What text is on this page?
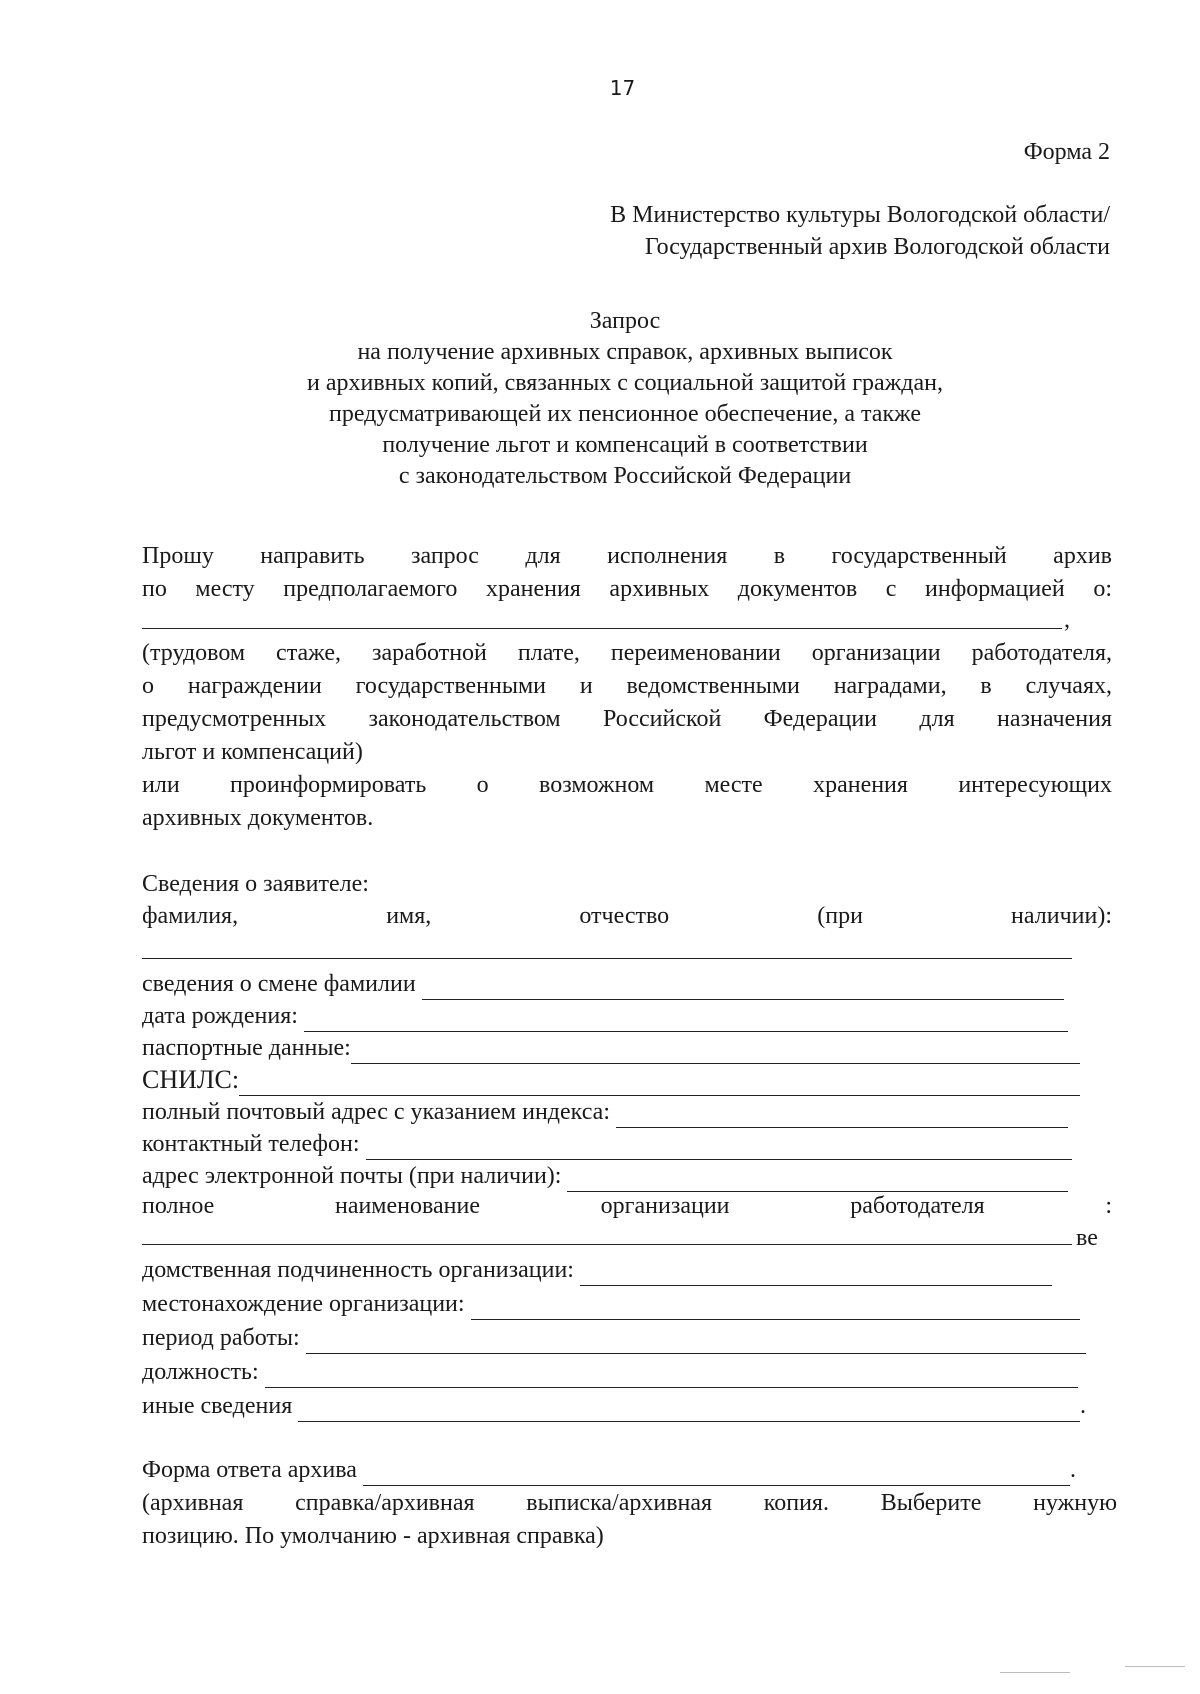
17
Форма 2
В Министерство культуры Вологодской области/
Государственный архив Вологодской области
Запрос
на получение архивных справок, архивных выписок
и архивных копий, связанных с социальной защитой граждан,
предусматривающей их пенсионное обеспечение, а также
получение льгот и компенсаций в соответствии
с законодательством Российской Федерации
Прошу направить запрос для исполнения в государственный архив
по месту предполагаемого хранения архивных документов с информацией о:
,
(трудовом стаже, заработной плате, переименовании организации работодателя,
о награждении государственными и ведомственными наградами, в случаях,
предусмотренных законодательством Российской Федерации для назначения
льгот и компенсаций)
или проинформировать о возможном месте хранения интересующих
архивных документов.
Сведения о заявителе:
фамилия,	имя,	отчество	(при	наличии):
сведения о смене фамилии
дата рождения:
паспортные данные:
СНИЛС:
полный почтовый адрес с указанием индекса:
контактный телефон:
адрес электронной почты (при наличии):
полное	наименование	организации	работодателя	:
ве
домственная подчиненность организации:
местонахождение организации:
период работы:
должность:
иные сведения	.
Форма ответа архива	.
(архивная справка/архивная выписка/архивная копия. Выберите нужную
позицию. По умолчанию - архивная справка)
